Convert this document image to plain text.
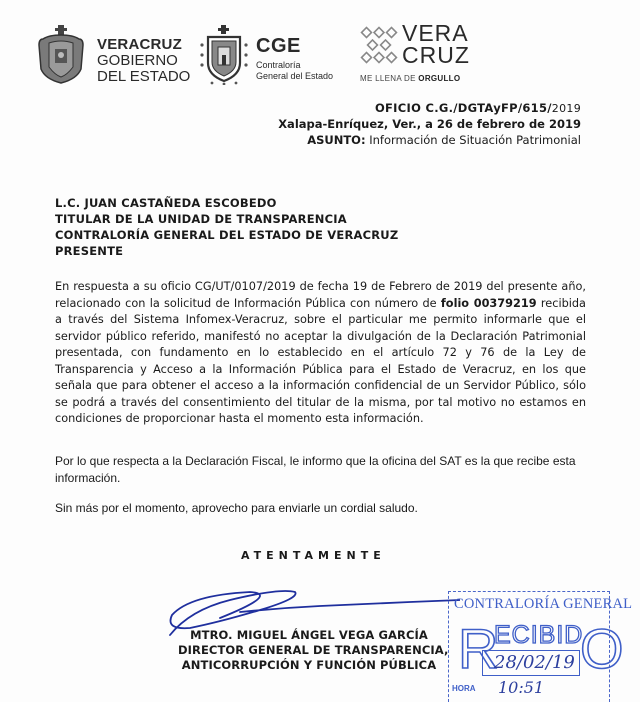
VERACRUZ
GOBIERNO
DEL ESTADO
CGE
Contraloría
General del Estado
VERA
CRUZ
ME LLENA DE ORGULLO
OFICIO C.G./DGTAyFP/615/2019
Xalapa-Enríquez, Ver., a 26 de febrero de 2019
ASUNTO: Información de Situación Patrimonial
L.C. JUAN CASTAÑEDA ESCOBEDO
TITULAR DE LA UNIDAD DE TRANSPARENCIA
CONTRALORÍA GENERAL DEL ESTADO DE VERACRUZ
PRESENTE
En respuesta a su oficio CG/UT/0107/2019 de fecha 19 de Febrero de 2019 del presente año, relacionado con la solicitud de Información Pública con número de folio 00379219 recibida a través del Sistema Infomex-Veracruz, sobre el particular me permito informarle que el servidor público referido, manifestó no aceptar la divulgación de la Declaración Patrimonial presentada, con fundamento en lo establecido en el artículo 72 y 76 de la Ley de Transparencia y Acceso a la Información Pública para el Estado de Veracruz, en los que señala que para obtener el acceso a la información confidencial de un Servidor Público, sólo se podrá a través del consentimiento del titular de la misma, por tal motivo no estamos en condiciones de proporcionar hasta el momento esta información.
Por lo que respecta a la Declaración Fiscal, le informo que la oficina del SAT es la que recibe esta información.
Sin más por el momento, aprovecho para enviarle un cordial saludo.
ATENTAMENTE
MTRO. MIGUEL ÁNGEL VEGA GARCÍA
DIRECTOR GENERAL DE TRANSPARENCIA,
ANTICORRUPCIÓN Y FUNCIÓN PÚBLICA
CONTRALORÍA GENERAL
R
ECIBID
O
28/02/19
HORA 10:51
